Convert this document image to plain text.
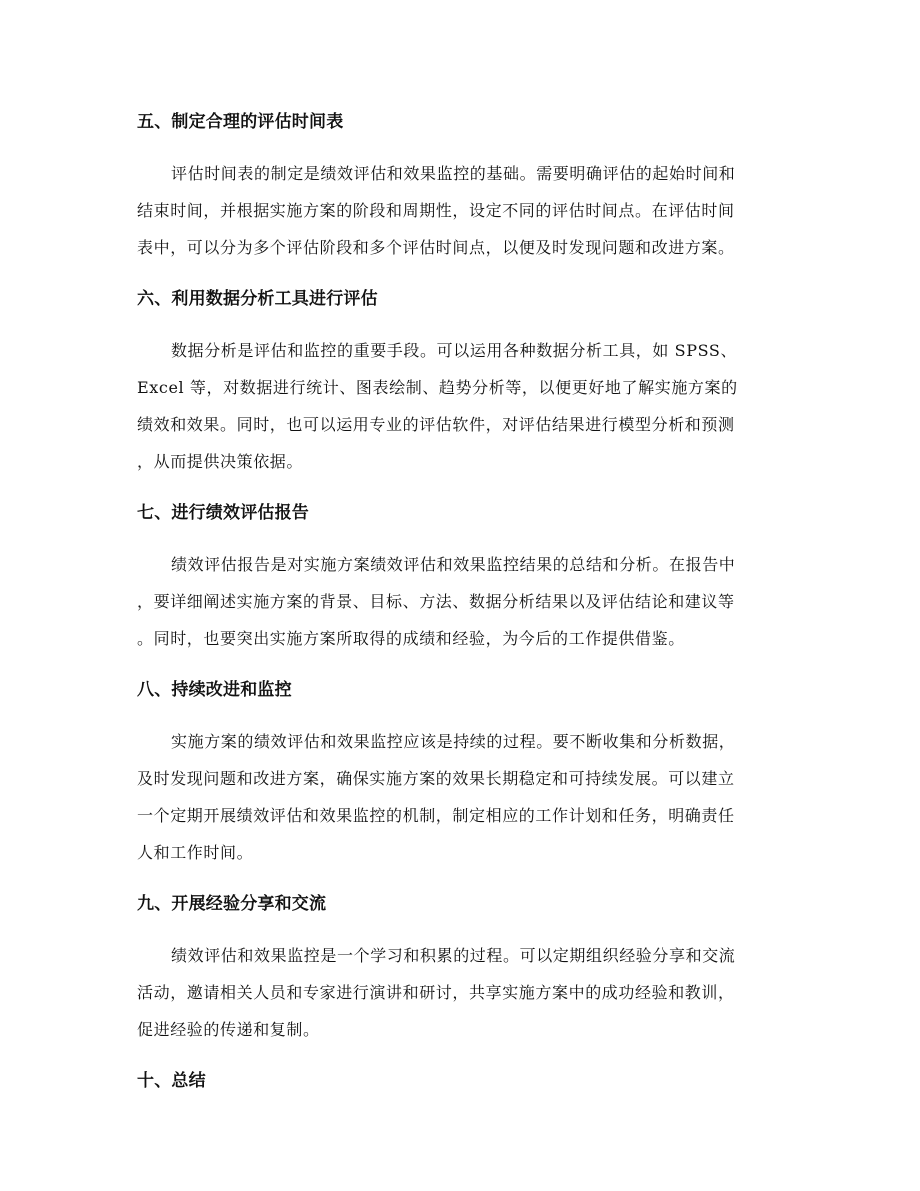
五、制定合理的评估时间表
评估时间表的制定是绩效评估和效果监控的基础。需要明确评估的起始时间和
结束时间，并根据实施方案的阶段和周期性，设定不同的评估时间点。在评估时间
表中，可以分为多个评估阶段和多个评估时间点，以便及时发现问题和改进方案。
六、利用数据分析工具进行评估
数据分析是评估和监控的重要手段。可以运用各种数据分析工具，如 SPSS、
Excel 等，对数据进行统计、图表绘制、趋势分析等，以便更好地了解实施方案的
绩效和效果。同时，也可以运用专业的评估软件，对评估结果进行模型分析和预测
，从而提供决策依据。
七、进行绩效评估报告
绩效评估报告是对实施方案绩效评估和效果监控结果的总结和分析。在报告中
，要详细阐述实施方案的背景、目标、方法、数据分析结果以及评估结论和建议等
。同时，也要突出实施方案所取得的成绩和经验，为今后的工作提供借鉴。
八、持续改进和监控
实施方案的绩效评估和效果监控应该是持续的过程。要不断收集和分析数据，
及时发现问题和改进方案，确保实施方案的效果长期稳定和可持续发展。可以建立
一个定期开展绩效评估和效果监控的机制，制定相应的工作计划和任务，明确责任
人和工作时间。
九、开展经验分享和交流
绩效评估和效果监控是一个学习和积累的过程。可以定期组织经验分享和交流
活动，邀请相关人员和专家进行演讲和研讨，共享实施方案中的成功经验和教训，
促进经验的传递和复制。
十、总结
